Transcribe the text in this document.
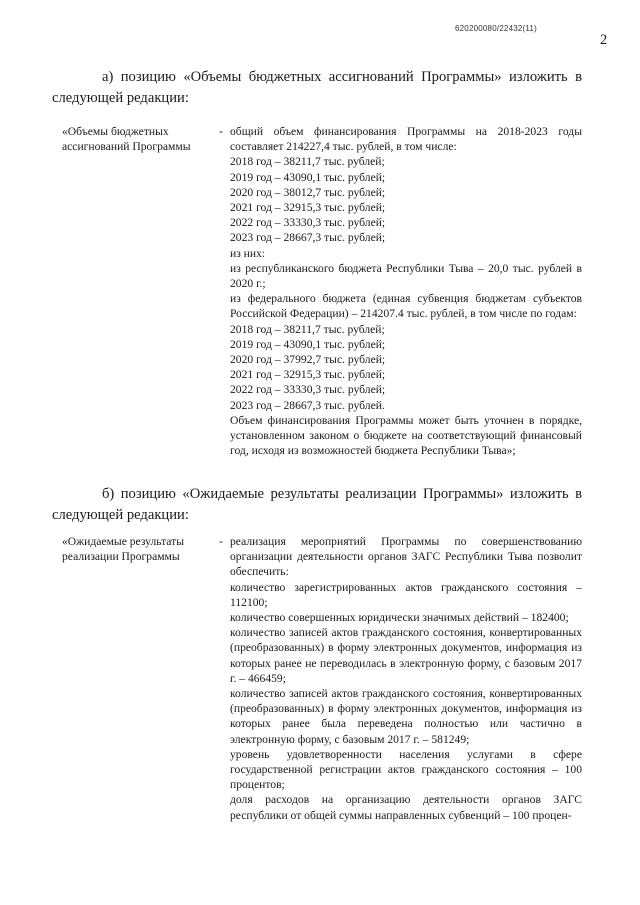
620200080/22432(11)
2
а) позицию «Объемы бюджетных ассигнований Программы» изложить в следующей редакции:
«Объемы бюджетных ассигнований Программы
- общий объем финансирования Программы на 2018-2023 годы составляет 214227,4 тыс. рублей, в том числе:
2018 год – 38211,7 тыс. рублей;
2019 год – 43090,1 тыс. рублей;
2020 год – 38012,7 тыс. рублей;
2021 год – 32915,3 тыс. рублей;
2022 год – 33330,3 тыс. рублей;
2023 год – 28667,3 тыс. рублей;
из них:
из республиканского бюджета Республики Тыва – 20,0 тыс. рублей в 2020 г.;
из федерального бюджета (единая субвенция бюджетам субъектов Российской Федерации) – 214207.4 тыс. рублей, в том числе по годам:
2018 год – 38211,7 тыс. рублей;
2019 год – 43090,1 тыс. рублей;
2020 год – 37992,7 тыс. рублей;
2021 год – 32915,3 тыс. рублей;
2022 год – 33330,3 тыс. рублей;
2023 год – 28667,3 тыс. рублей.
Объем финансирования Программы может быть уточнен в порядке, установленном законом о бюджете на соответствующий финансовый год, исходя из возможностей бюджета Республики Тыва»;
б) позицию «Ожидаемые результаты реализации Программы» изложить в следующей редакции:
«Ожидаемые результаты реализации Программы
- реализация мероприятий Программы по совершенствованию организации деятельности органов ЗАГС Республики Тыва позволит обеспечить:
количество зарегистрированных актов гражданского состояния – 112100;
количество совершенных юридически значимых действий – 182400;
количество записей актов гражданского состояния, конвертированных (преобразованных) в форму электронных документов, информация из которых ранее не переводилась в электронную форму, с базовым 2017 г. – 466459;
количество записей актов гражданского состояния, конвертированных (преобразованных) в форму электронных документов, информация из которых ранее была переведена полностью или частично в электронную форму, с базовым 2017 г. – 581249;
уровень удовлетворенности населения услугами в сфере государственной регистрации актов гражданского состояния – 100 процентов;
доля расходов на организацию деятельности органов ЗАГС республики от общей суммы направленных субвенций – 100 процен-
